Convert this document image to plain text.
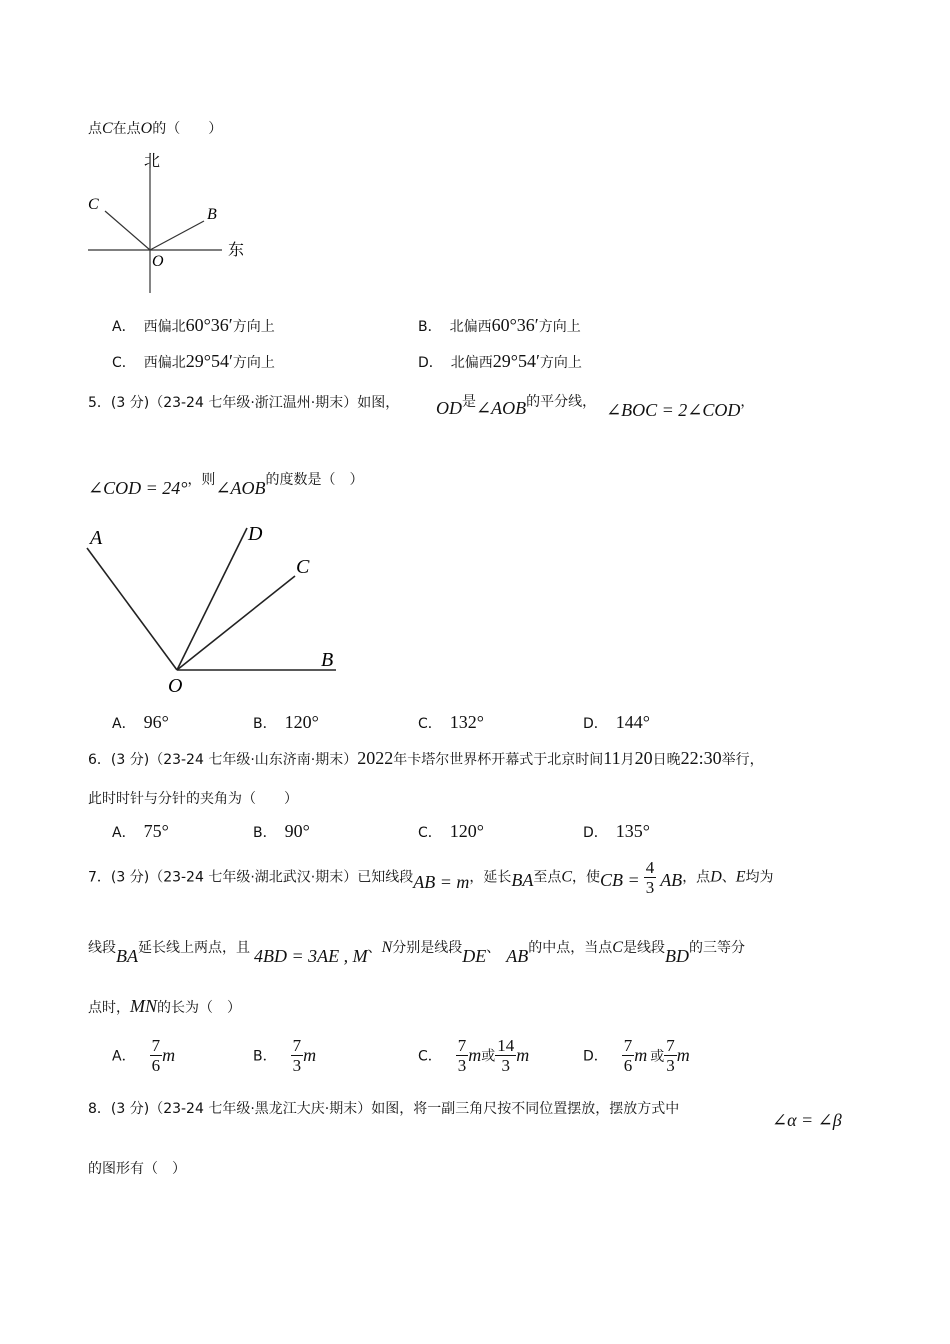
点C在点O的（　　）
北
东
C
B
O
A． 西偏北60°36′方向上	B． 北偏西60°36′方向上
C． 西偏北29°54′方向上	D． 北偏西29°54′方向上
5．(3 分)（23-24 七年级·浙江温州·期末）如图， OD是∠AOB的平分线， ∠BOC = 2∠COD，
∠COD = 24°，则∠AOB的度数是（　）
A	D
C
B
O
A． 96°	B． 120°	C． 132°	D． 144°
6．(3 分)（23-24 七年级·山东济南·期末）2022年卡塔尔世界杯开幕式于北京时间11月20日晚22:30举行，
此时时针与分针的夹角为（　　）
A． 75°	B． 90°	C． 120°	D． 135°
7．(3 分)（23-24 七年级·湖北武汉·期末）已知线段AB = m，延长BA至点C，使CB = $\frac{4}{3}$ AB，点D、E均为
线段BA延长线上两点，且 4BD = 3AE , M、N分别是线段DE、 AB的中点，当点C是线段BD的三等分
点时，MN的长为（　）
A． $\frac{7}{6}$ m	B． $\frac{7}{3}$ m	C． $\frac{7}{3}$ m或 $\frac{14}{3}$ m	D． $\frac{7}{6}$ m 或 $\frac{7}{3}$ m
8．(3 分)（23-24 七年级·黑龙江大庆·期末）如图，将一副三角尺按不同位置摆放，摆放方式中
∠α = ∠β
的图形有（　）
